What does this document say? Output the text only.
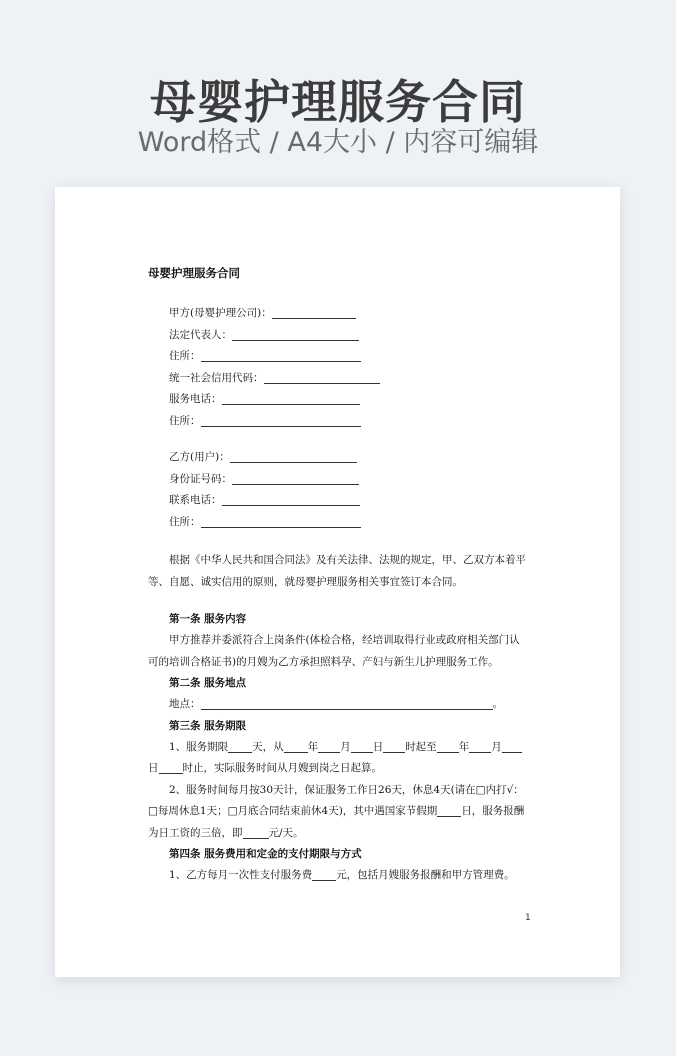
母婴护理服务合同
Word格式 / A4大小 / 内容可编辑
母婴护理服务合同
甲方(母婴护理公司)：
法定代表人：
住所：
统一社会信用代码：
服务电话：
住所：
乙方(用户)：
身份证号码：
联系电话：
住所：

根据《中华人民共和国合同法》及有关法律、法规的规定，甲、乙双方本着平等、自愿、诚实信用的原则，就母婴护理服务相关事宜签订本合同。

第一条 服务内容

甲方推荐并委派符合上岗条件(体检合格，经培训取得行业或政府相关部门认可的培训合格证书)的月嫂为乙方承担照料孕、产妇与新生儿护理服务工作。

第二条 服务地点
地点：	。
第三条 服务期限

1、服务期限 天，从 年 月 日 时起至 年 月日 时止，实际服务时间从月嫂到岗之日起算。

2、服务时间每月按30天计，保证服务工作日26天，休息4天(请在□内打√：□每周休息1天；□月底合同结束前休4天)，其中遇国家节假期 日，服务报酬为日工资的三倍，即 元/天。

第四条 服务费用和定金的支付期限与方式

1、乙方每月一次性支付服务费 元，包括月嫂服务报酬和甲方管理费。

1
